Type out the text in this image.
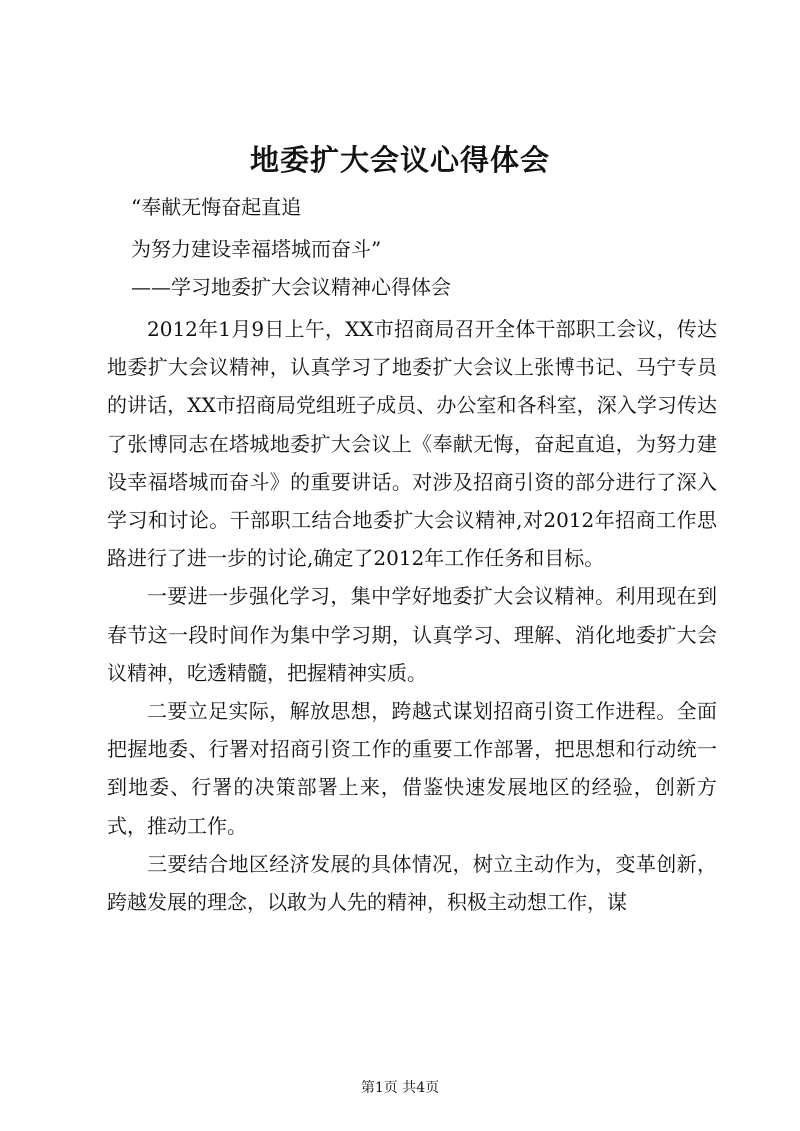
地委扩大会议心得体会
“奉献无悔奋起直追
为努力建设幸福塔城而奋斗”
——学习地委扩大会议精神心得体会

2012年1月9日上午，XX市招商局召开全体干部职工会议，传达地委扩大会议精神，认真学习了地委扩大会议上张博书记、马宁专员的讲话，XX市招商局党组班子成员、办公室和各科室，深入学习传达了张博同志在塔城地委扩大会议上《奉献无悔，奋起直追，为努力建设幸福塔城而奋斗》的重要讲话。对涉及招商引资的部分进行了深入学习和讨论。干部职工结合地委扩大会议精神,对2012年招商工作思路进行了进一步的讨论,确定了2012年工作任务和目标。

一要进一步强化学习，集中学好地委扩大会议精神。利用现在到春节这一段时间作为集中学习期，认真学习、理解、消化地委扩大会议精神，吃透精髓，把握精神实质。

二要立足实际，解放思想，跨越式谋划招商引资工作进程。全面把握地委、行署对招商引资工作的重要工作部署，把思想和行动统一到地委、行署的决策部署上来，借鉴快速发展地区的经验，创新方式，推动工作。

三要结合地区经济发展的具体情况，树立主动作为，变革创新，跨越发展的理念，以敢为人先的精神，积极主动想工作，谋

第1页 共4页
